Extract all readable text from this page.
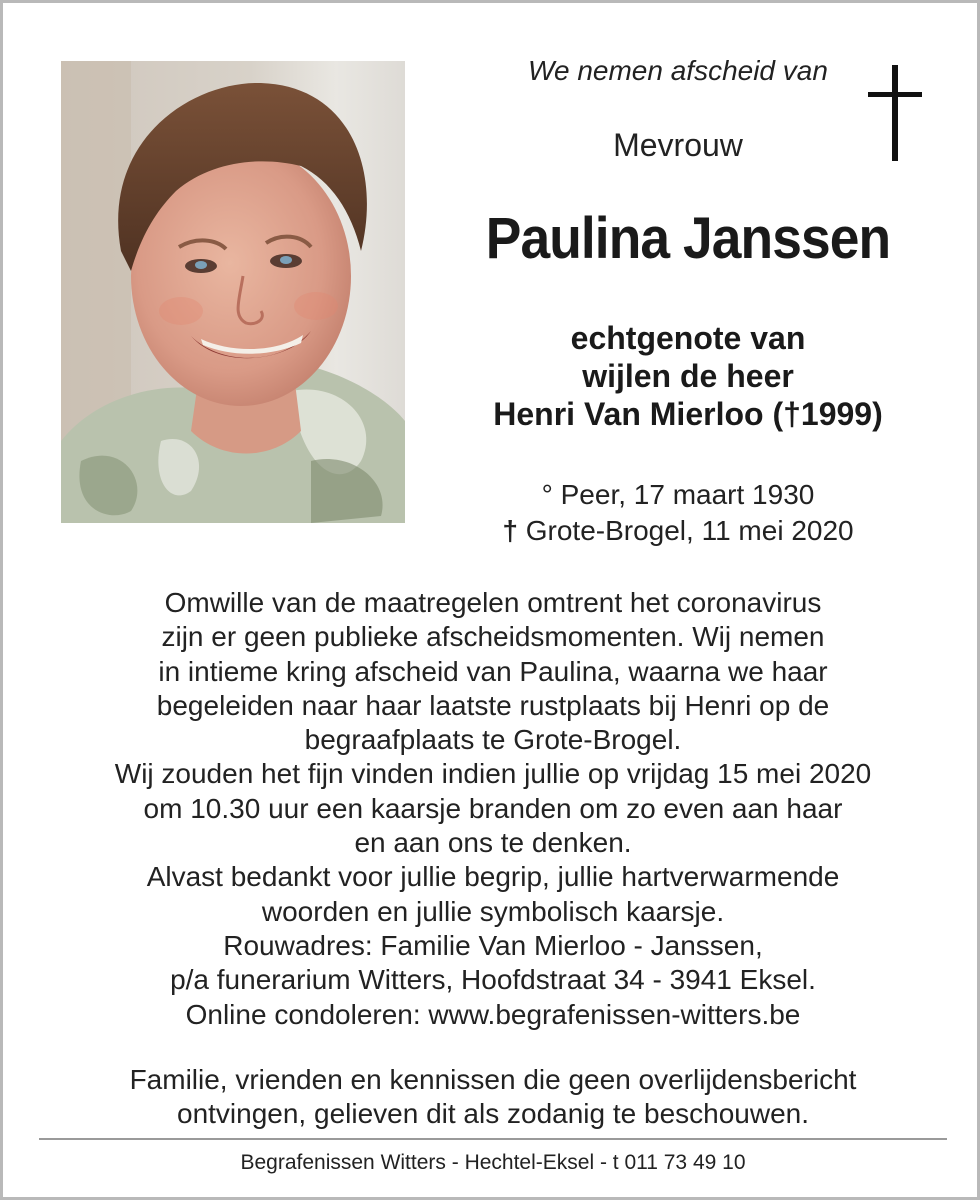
We nemen afscheid van
Mevrouw
Paulina Janssen
echtgenote van
wijlen de heer
Henri Van Mierloo (†1999)
° Peer, 17 maart 1930
† Grote-Brogel, 11 mei 2020
Omwille van de maatregelen omtrent het coronavirus
zijn er geen publieke afscheidsmomenten. Wij nemen
in intieme kring afscheid van Paulina, waarna we haar
begeleiden naar haar laatste rustplaats bij Henri op de
begraafplaats te Grote-Brogel.
Wij zouden het fijn vinden indien jullie op vrijdag 15 mei 2020
om 10.30 uur een kaarsje branden om zo even aan haar
en aan ons te denken.
Alvast bedankt voor jullie begrip, jullie hartverwarmende
woorden en jullie symbolisch kaarsje.
Rouwadres: Familie Van Mierloo - Janssen,
p/a funerarium Witters, Hoofdstraat 34 - 3941 Eksel.
Online condoleren: www.begrafenissen-witters.be
Familie, vrienden en kennissen die geen overlijdensbericht
ontvingen, gelieven dit als zodanig te beschouwen.
Begrafenissen Witters - Hechtel-Eksel - t 011 73 49 10
